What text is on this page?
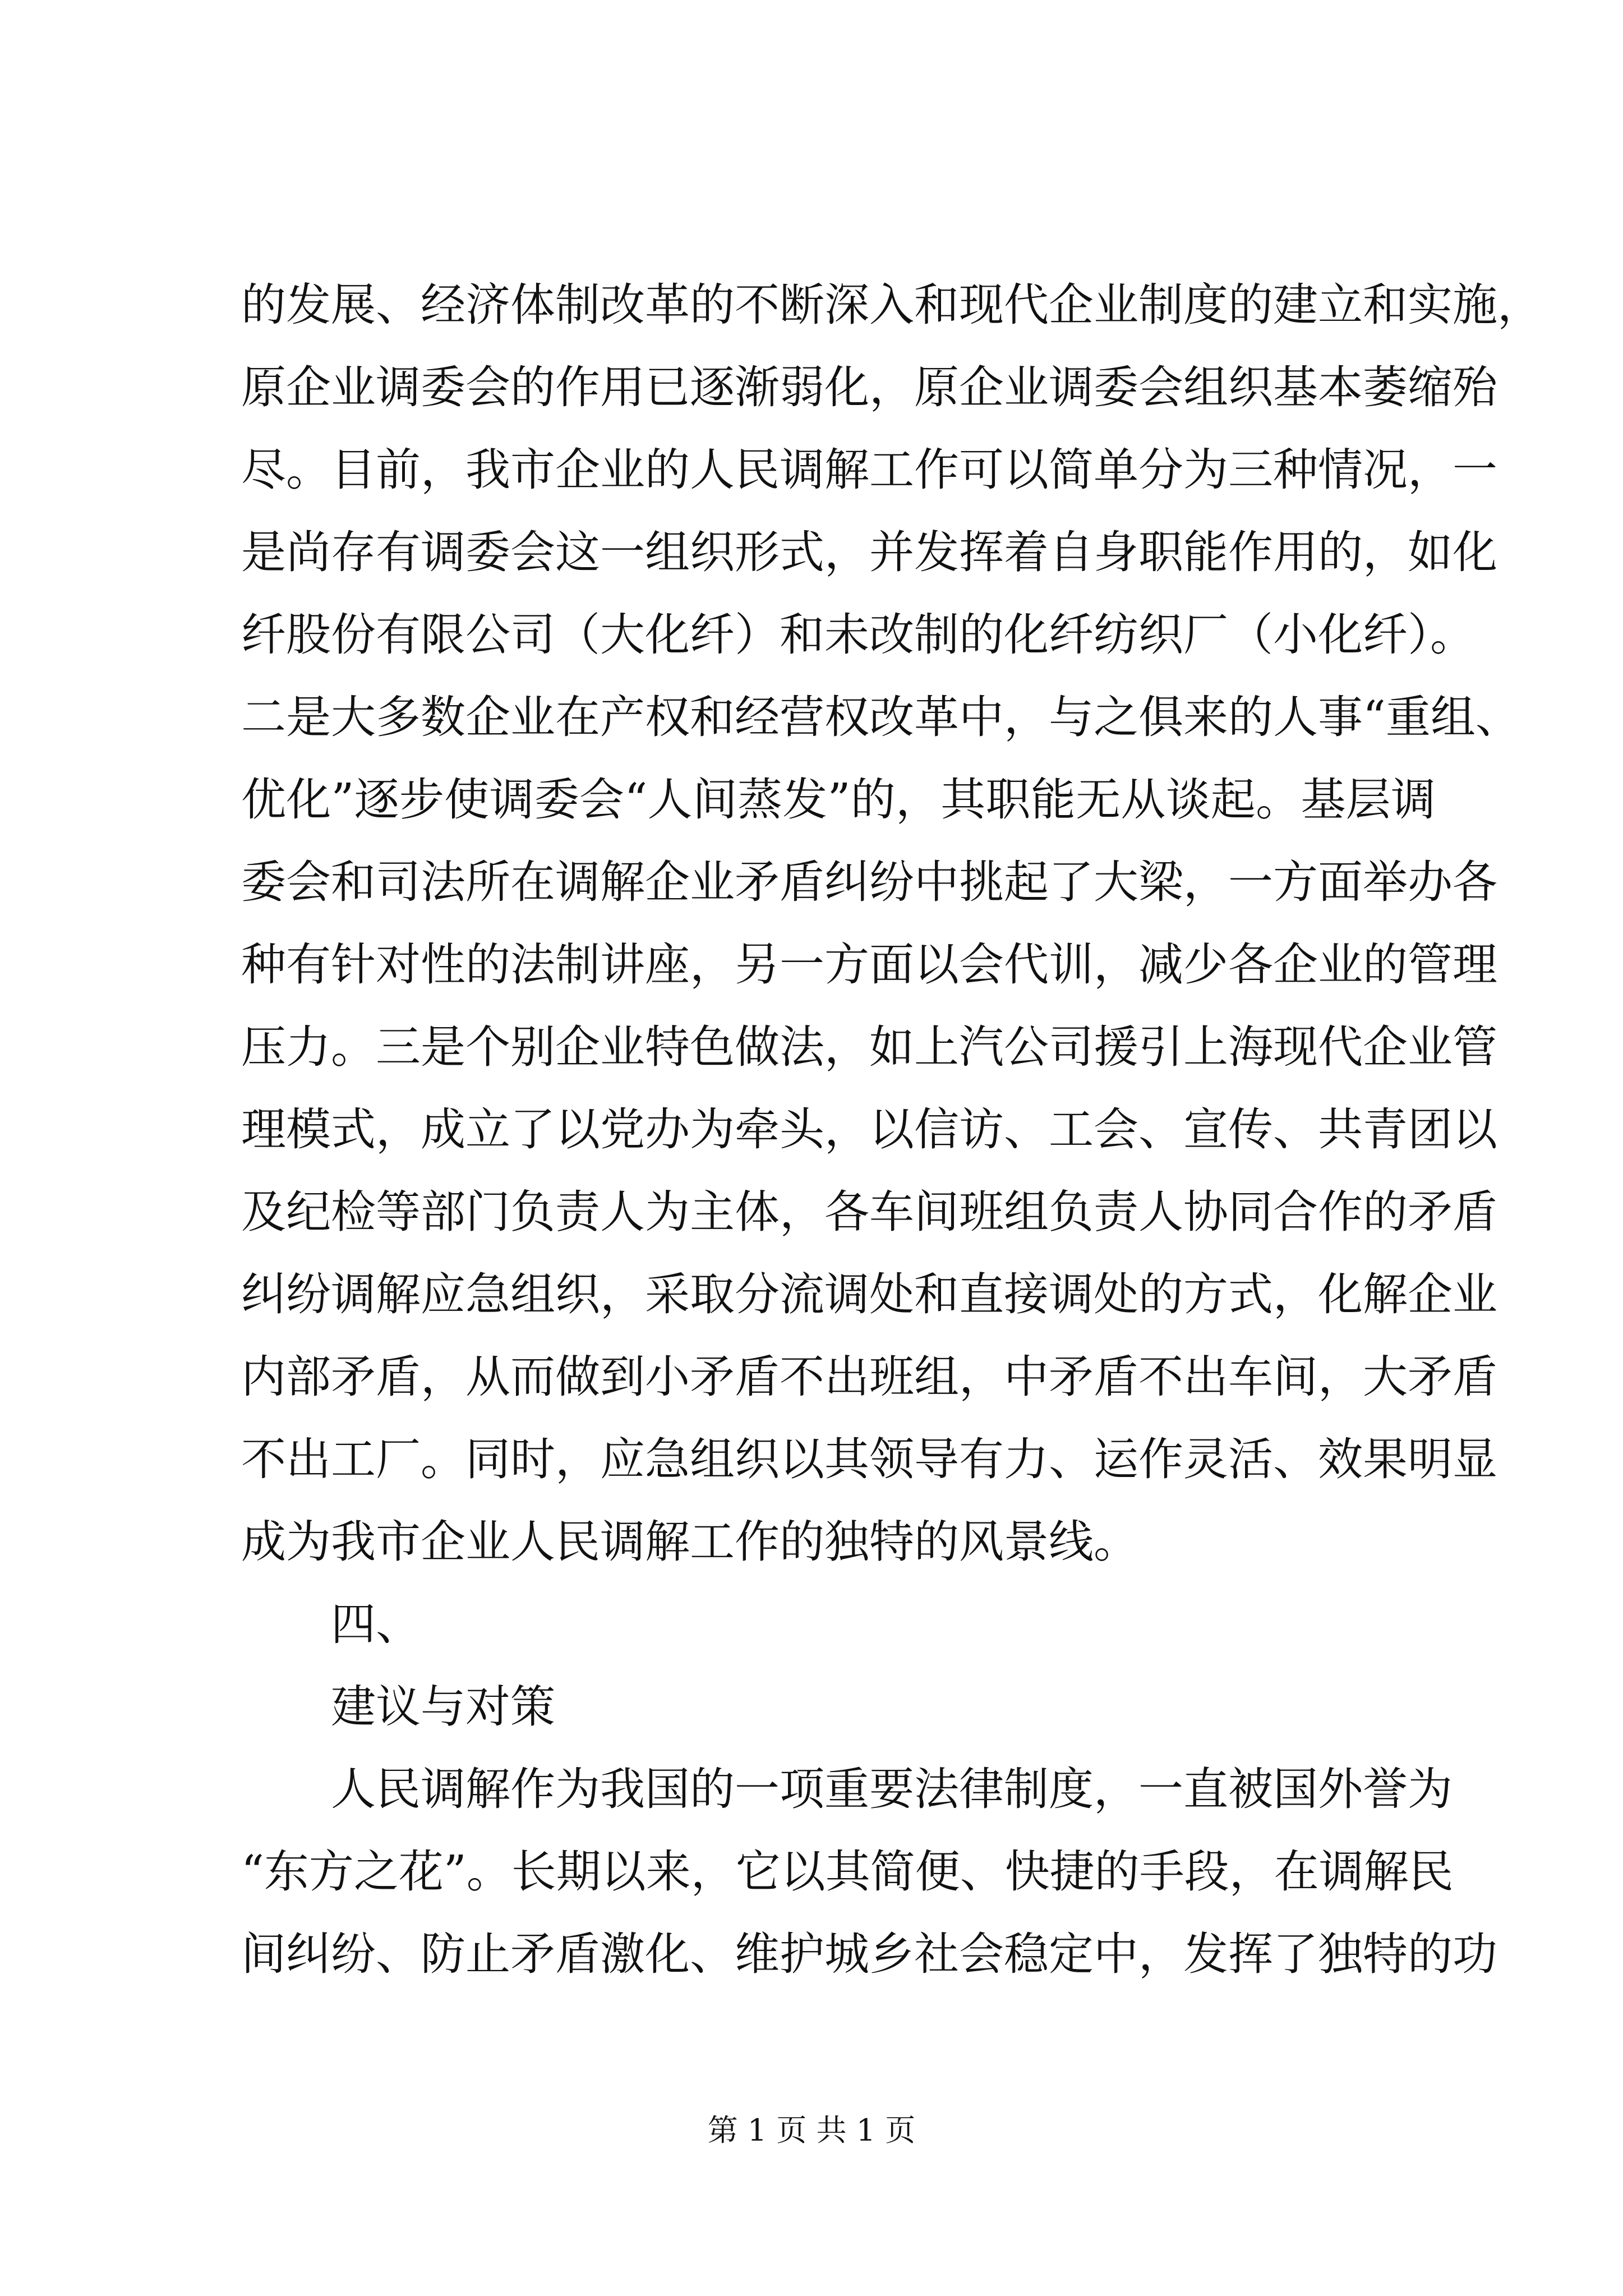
的发展、经济体制改革的不断深入和现代企业制度的建立和实施，
原企业调委会的作用已逐渐弱化，原企业调委会组织基本萎缩殆
尽。目前，我市企业的人民调解工作可以简单分为三种情况，一
是尚存有调委会这一组织形式，并发挥着自身职能作用的，如化
纤股份有限公司（大化纤）和未改制的化纤纺织厂（小化纤）。
二是大多数企业在产权和经营权改革中，与之俱来的人事“重组、
优化”逐步使调委会“人间蒸发”的，其职能无从谈起。基层调
委会和司法所在调解企业矛盾纠纷中挑起了大梁，一方面举办各
种有针对性的法制讲座，另一方面以会代训，减少各企业的管理
压力。三是个别企业特色做法，如上汽公司援引上海现代企业管
理模式，成立了以党办为牵头，以信访、工会、宣传、共青团以
及纪检等部门负责人为主体，各车间班组负责人协同合作的矛盾
纠纷调解应急组织，采取分流调处和直接调处的方式，化解企业
内部矛盾，从而做到小矛盾不出班组，中矛盾不出车间，大矛盾
不出工厂。同时，应急组织以其领导有力、运作灵活、效果明显
成为我市企业人民调解工作的独特的风景线。
四、
建议与对策
人民调解作为我国的一项重要法律制度，一直被国外誉为
“东方之花”。长期以来，它以其简便、快捷的手段，在调解民
间纠纷、防止矛盾激化、维护城乡社会稳定中，发挥了独特的功
第 1 页 共 1 页
